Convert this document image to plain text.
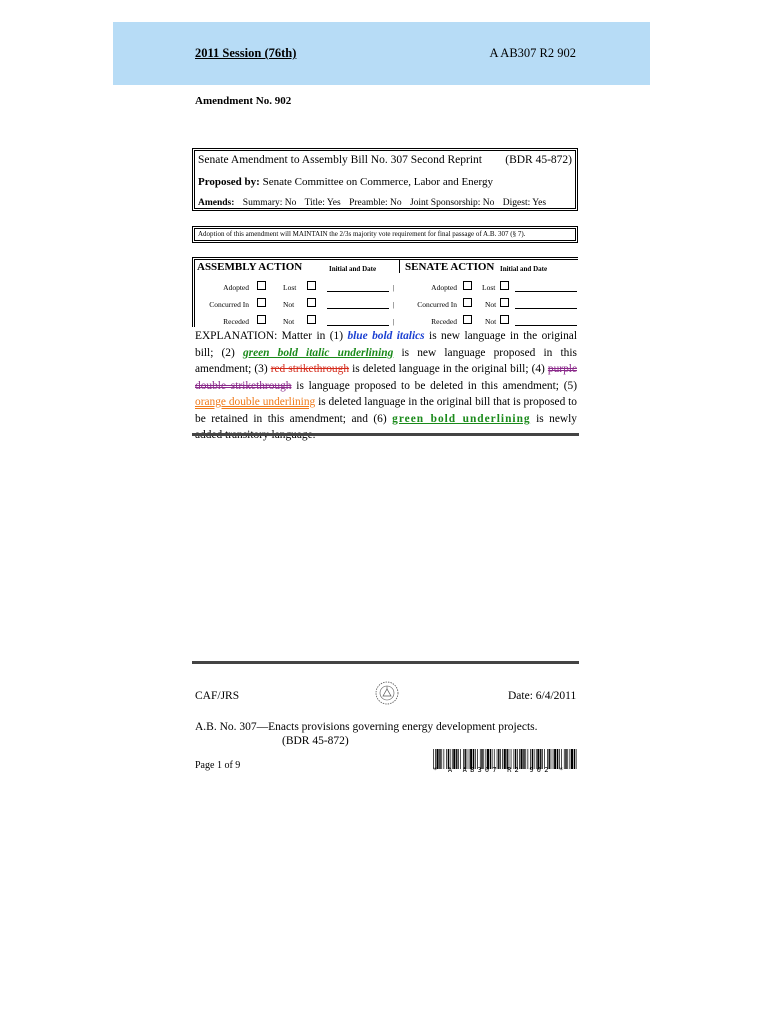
2011 Session (76th)	A AB307 R2 902
Amendment No. 902
Senate Amendment to Assembly Bill No. 307 Second Reprint (BDR 45-872)
Proposed by: Senate Committee on Commerce, Labor and Energy
Amends: Summary: No Title: Yes Preamble: No Joint Sponsorship: No Digest: Yes
Adoption of this amendment will MAINTAIN the 2/3s majority vote requirement for final passage of A.B. 307 (§ 7).
ASSEMBLY ACTION	Initial and Date	SENATE ACTION Initial and Date
Adopted	Lost	|	Adopted	Lost
Concurred In	Not	|	Concurred In	Not
Receded	Not	|	Receded	Not
EXPLANATION: Matter in (1) blue bold italics is new language in the original bill; (2) green bold italic underlining is new language proposed in this amendment; (3) red strikethrough is deleted language in the original bill; (4) purple double strikethrough is language proposed to be deleted in this amendment; (5) orange double underlining is deleted language in the original bill that is proposed to be retained in this amendment; and (6) green bold underlining is newly
CAF/JRS	Date: 6/4/2011
A.B. No. 307—Enacts provisions governing energy development projects.
(BDR 45-872)
Page 1 of 9	* A AB307 R2 902 *
